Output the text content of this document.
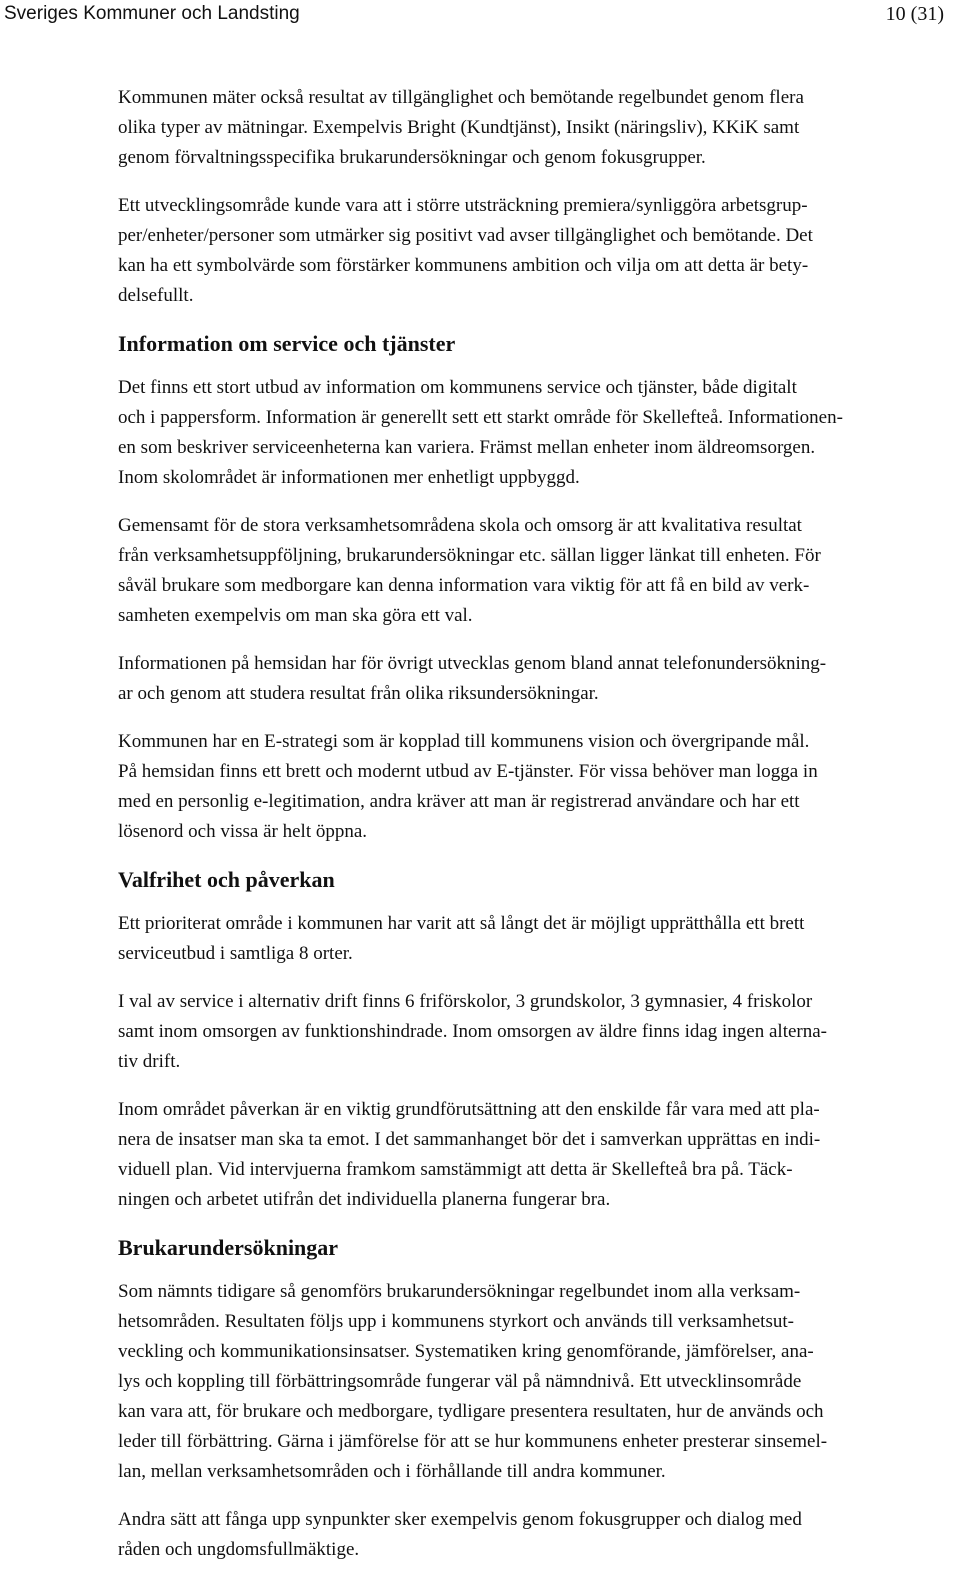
Sveriges Kommuner och Landsting	10 (31)

Kommunen mäter också resultat av tillgänglighet och bemötande regelbundet genom flera
olika typer av mätningar. Exempelvis Bright (Kundtjänst), Insikt (näringsliv), KKiK samt
genom förvaltningsspecifika brukarundersökningar och genom fokusgrupper.

Ett utvecklingsområde kunde vara att i större utsträckning premiera/synliggöra arbetsgrup-
per/enheter/personer som utmärker sig positivt vad avser tillgänglighet och bemötande. Det
kan ha ett symbolvärde som förstärker kommunens ambition och vilja om att detta är bety-
delsefullt.

Information om service och tjänster

Det finns ett stort utbud av information om kommunens service och tjänster, både digitalt
och i pappersform. Information är generellt sett ett starkt område för Skellefteå. Informationen-
en som beskriver serviceenheterna kan variera. Främst mellan enheter inom äldreomsorgen.
Inom skolområdet är informationen mer enhetligt uppbyggd.

Gemensamt för de stora verksamhetsområdena skola och omsorg är att kvalitativa resultat
från verksamhetsuppföljning, brukarundersökningar etc. sällan ligger länkat till enheten. För
såväl brukare som medborgare kan denna information vara viktig för att få en bild av verk-
samheten exempelvis om man ska göra ett val.

Informationen på hemsidan har för övrigt utvecklas genom bland annat telefonundersökning-
ar och genom att studera resultat från olika riksundersökningar.

Kommunen har en E-strategi som är kopplad till kommunens vision och övergripande mål.
På hemsidan finns ett brett och modernt utbud av E-tjänster. För vissa behöver man logga in
med en personlig e-legitimation, andra kräver att man är registrerad användare och har ett
lösenord och vissa är helt öppna.

Valfrihet och påverkan

Ett prioriterat område i kommunen har varit att så långt det är möjligt upprätthålla ett brett
serviceutbud i samtliga 8 orter.

I val av service i alternativ drift finns 6 friförskolor, 3 grundskolor, 3 gymnasier, 4 friskolor
samt inom omsorgen av funktionshindrade. Inom omsorgen av äldre finns idag ingen alterna-
tiv drift.

Inom området påverkan är en viktig grundförutsättning att den enskilde får vara med att pla-
nera de insatser man ska ta emot. I det sammanhanget bör det i samverkan upprättas en indi-
viduell plan. Vid intervjuerna framkom samstämmigt att detta är Skellefteå bra på. Täck-
ningen och arbetet utifrån det individuella planerna fungerar bra.

Brukarundersökningar

Som nämnts tidigare så genomförs brukarundersökningar regelbundet inom alla verksam-
hetsområden. Resultaten följs upp i kommunens styrkort och används till verksamhetsut-
veckling och kommunikationsinsatser. Systematiken kring genomförande, jämförelser, ana-
lys och koppling till förbättringsområde fungerar väl på nämndnivå. Ett utvecklinsområde
kan vara att, för brukare och medborgare, tydligare presentera resultaten, hur de används och
leder till förbättring. Gärna i jämförelse för att se hur kommunens enheter presterar sinsemel-
lan, mellan verksamhetsområden och i förhållande till andra kommuner.

Andra sätt att fånga upp synpunkter sker exempelvis genom fokusgrupper och dialog med
råden och ungdomsfullmäktige.
